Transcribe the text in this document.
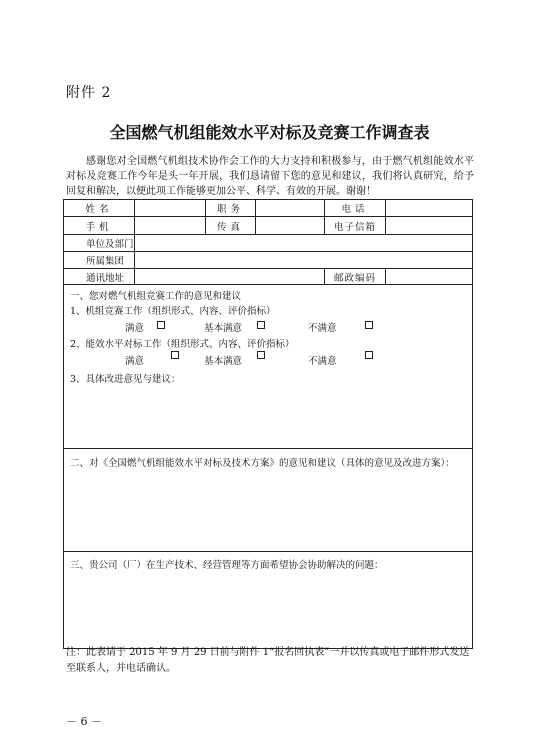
附件 2
全国燃气机组能效水平对标及竞赛工作调查表
感谢您对全国燃气机组技术协作会工作的大力支持和积极参与，由于燃气机组能效水平对标及竞赛工作今年是头一年开展，我们恳请留下您的意见和建议，我们将认真研究，给予回复和解决，以便此项工作能够更加公平、科学、有效的开展。谢谢！
姓名	职务	电话
手机	传真	电子信箱
单位及部门
所属集团
通讯地址	邮政编码
一、您对燃气机组竞赛工作的意见和建议
1、机组竞赛工作（组织形式、内容、评价指标）
满意	基本满意	不满意
2、能效水平对标工作（组织形式、内容、评价指标）
满意	基本满意	不满意
3、具体改进意见与建议：
二、对《全国燃气机组能效水平对标及技术方案》的意见和建议（具体的意见及改进方案）：
三、贵公司（厂）在生产技术、经营管理等方面希望协会协助解决的问题：
注：此表请于 2015 年 9 月 29 日前与附件 1“报名回执表”一并以传真或电子邮件形式发送至联系人，并电话确认。
－ 6 －
